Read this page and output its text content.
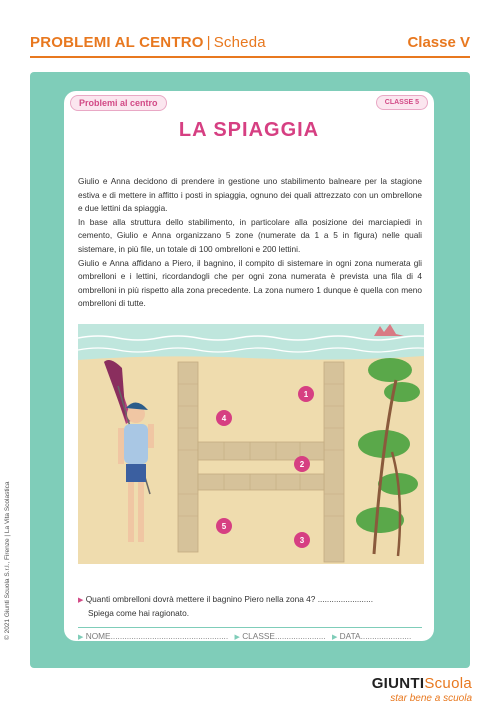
PROBLEMI AL CENTRO | Scheda	Classe V
© 2021 Giunti Scuola S.r.l., Firenze | La Vita Scolastica
Problemi al centro	CLASSE 5
LA SPIAGGIA

Giulio e Anna decidono di prendere in gestione uno stabilimento balneare per la stagione estiva e di mettere in affitto i posti in spiaggia, ognuno dei quali attrezzato con un ombrellone e due lettini da spiaggia.

In base alla struttura dello stabilimento, in particolare alla posizione dei marciapiedi in cemento, Giulio e Anna organizzano 5 zone (numerate da 1 a 5 in figura) nelle quali sistemare, in più file, un totale di 100 ombrelloni e 200 lettini.

Giulio e Anna affidano a Piero, il bagnino, il compito di sistemare in ogni zona numerata gli ombrelloni e i lettini, ricordandogli che per ogni zona numerata è prevista una fila di 4 ombrelloni in più rispetto alla zona precedente. La zona numero 1 dunque è quella con meno ombrelloni di tutte.

1
4
2
5
3
▶ Quanti ombrelloni dovrà mettere il bagnino Piero nella zona 4? ........................
Spiega come hai ragionato.
▶ NOME................................................... ▶ CLASSE...................... ▶ DATA......................
GIUNTIScuola
star bene a scuola
